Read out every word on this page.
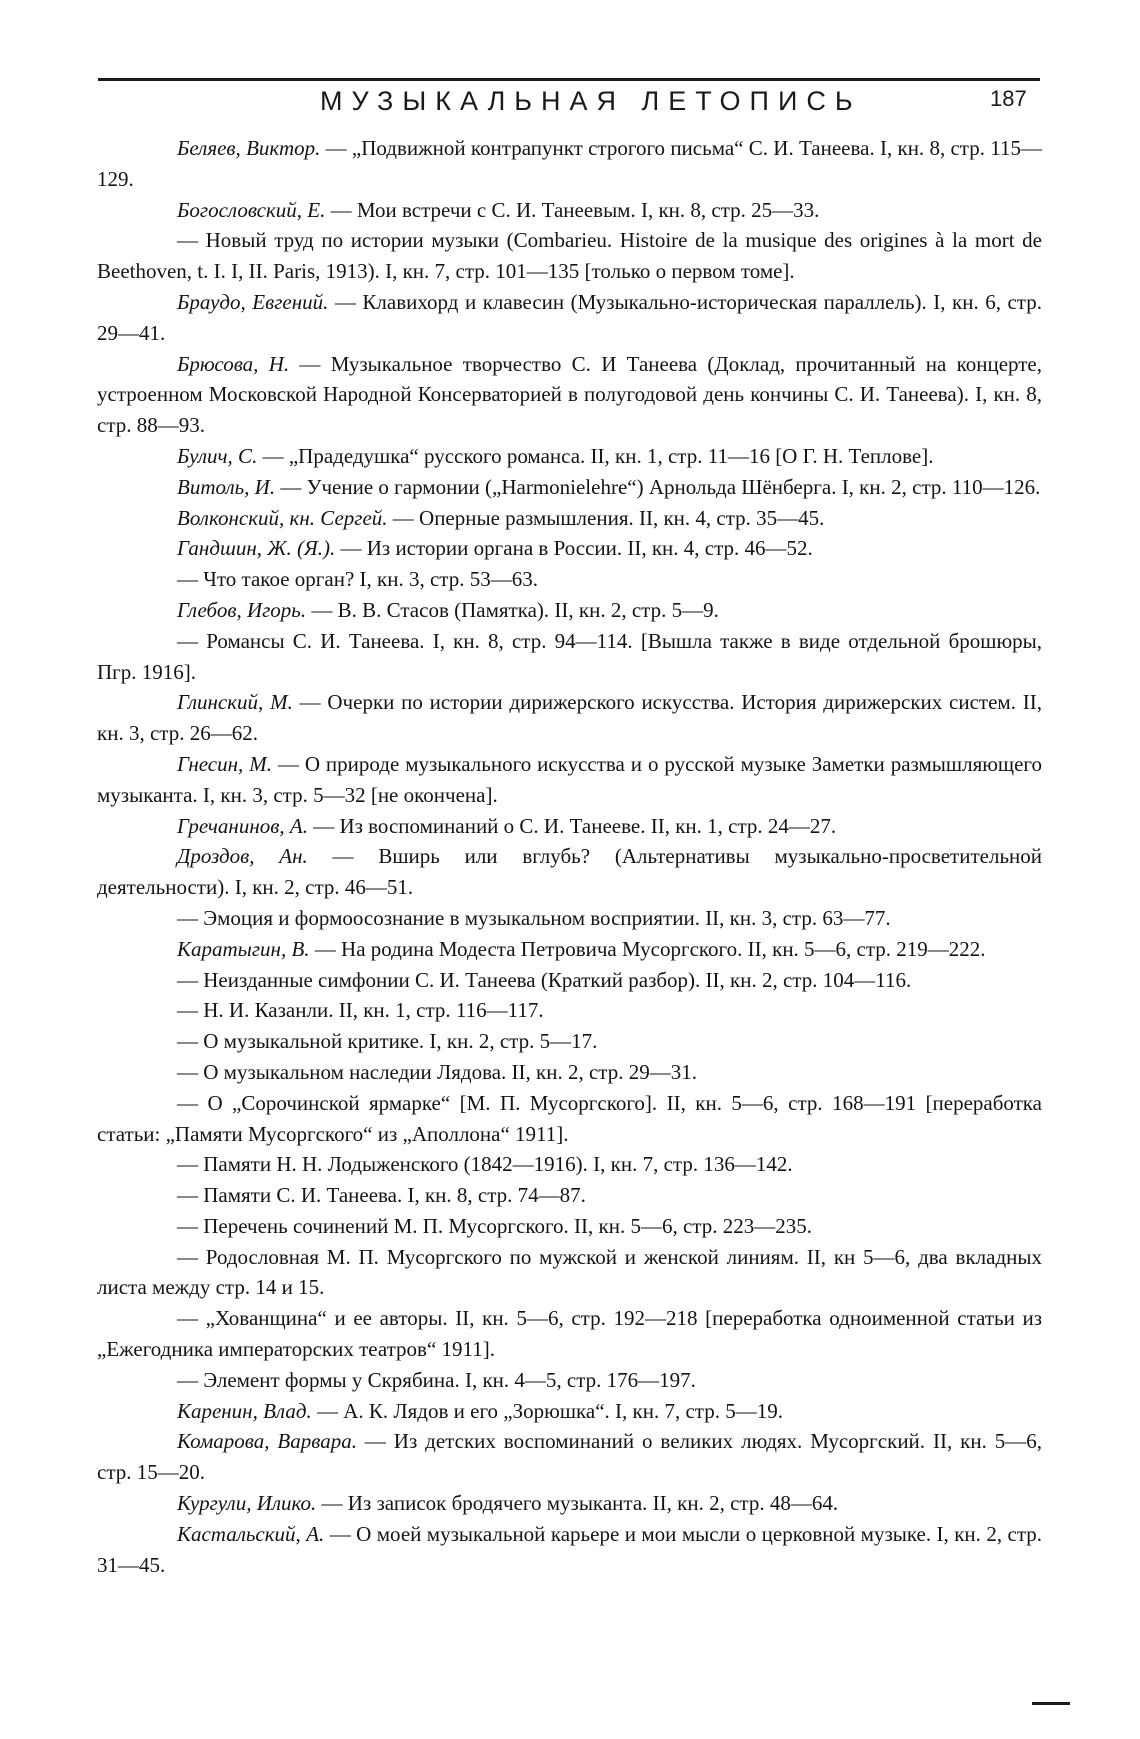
МУЗЫКАЛЬНАЯ ЛЕТОПИСЬ	187

Беляев, Виктор. — „Подвижной контрапункт строгого письма“ С. И. Танеева. I, кн. 8, стр. 115—129.

Богословский, Е. — Мои встречи с С. И. Танеевым. I, кн. 8, стр. 25—33.

— Новый труд по истории музыки (Combarieu. Histoire de la musique des origines à la mort de Beethoven, t. I. I, II. Paris, 1913). I, кн. 7, стр. 101—135 [только о первом томе].

Браудо, Евгений. — Клавихорд и клавесин (Музыкально-историческая параллель). I, кн. 6, стр. 29—41.

Брюсова, Н. — Музыкальное творчество С. И Танеева (Доклад, прочитанный на концерте, устроенном Московской Народной Консерваторией в полугодовой день кончины С. И. Танеева). I, кн. 8, стр. 88—93.

Булич, С. — „Прадедушка“ русского романса. II, кн. 1, стр. 11—16 [О Г. Н. Теплове].

Витоль, И. — Учение о гармонии („Harmonielehre“) Арнольда Шёнберга. I, кн. 2, стр. 110—126.

Волконский, кн. Сергей. — Оперные размышления. II, кн. 4, стр. 35—45.

Гандшин, Ж. (Я.). — Из истории органа в России. II, кн. 4, стр. 46—52.

— Что такое орган? I, кн. 3, стр. 53—63.

Глебов, Игорь. — В. В. Стасов (Памятка). II, кн. 2, стр. 5—9.

— Романсы С. И. Танеева. I, кн. 8, стр. 94—114. [Вышла также в виде отдельной брошюры, Пгр. 1916].

Глинский, М. — Очерки по истории дирижерского искусства. История дирижерских систем. II, кн. 3, стр. 26—62.

Гнесин, М. — О природе музыкального искусства и о русской музыке Заметки размышляющего музыканта. I, кн. 3, стр. 5—32 [не окончена].

Гречанинов, А. — Из воспоминаний о С. И. Танееве. II, кн. 1, стр. 24—27.

Дроздов, Ан. — Вширь или вглубь? (Альтернативы музыкально-просветительной деятельности). I, кн. 2, стр. 46—51.

— Эмоция и формоосознание в музыкальном восприятии. II, кн. 3, стр. 63—77.

Каратыгин, В. — На родина Модеста Петровича Мусоргского. II, кн. 5—6, стр. 219—222.

— Неизданные симфонии С. И. Танеева (Краткий разбор). II, кн. 2, стр. 104—116.

— Н. И. Казанли. II, кн. 1, стр. 116—117.

— О музыкальной критике. I, кн. 2, стр. 5—17.

— О музыкальном наследии Лядова. II, кн. 2, стр. 29—31.

— О „Сорочинской ярмарке“ [М. П. Мусоргского]. II, кн. 5—6, стр. 168—191 [переработка статьи: „Памяти Мусоргского“ из „Аполлона“ 1911].

— Памяти Н. Н. Лодыженского (1842—1916). I, кн. 7, стр. 136—142.

— Памяти С. И. Танеева. I, кн. 8, стр. 74—87.

— Перечень сочинений М. П. Мусоргского. II, кн. 5—6, стр. 223—235.

— Родословная М. П. Мусоргского по мужской и женской линиям. II, кн 5—6, два вкладных листа между стр. 14 и 15.

— „Хованщина“ и ее авторы. II, кн. 5—6, стр. 192—218 [переработка одноименной статьи из „Ежегодника императорских театров“ 1911].

— Элемент формы у Скрябина. I, кн. 4—5, стр. 176—197.

Каренин, Влад. — А. К. Лядов и его „Зорюшка“. I, кн. 7, стр. 5—19.

Комарова, Варвара. — Из детских воспоминаний о великих людях. Мусоргский. II, кн. 5—6, стр. 15—20.

Кургули, Илико. — Из записок бродячего музыканта. II, кн. 2, стр. 48—64.

Кастальский, А. — О моей музыкальной карьере и мои мысли о церковной музыке. I, кн. 2, стр. 31—45.
